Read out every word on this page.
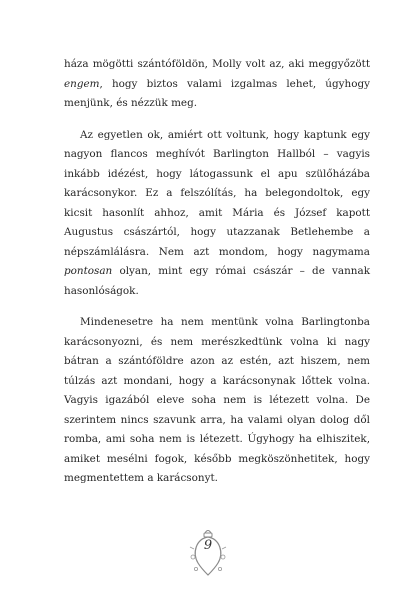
háza mögötti szántóföldön, Molly volt az, aki meggyőzött engem, hogy biztos valami izgalmas lehet, úgyhogy menjünk, és nézzük meg.

Az egyetlen ok, amiért ott voltunk, hogy kaptunk egy nagyon flancos meghívót Barlington Hallból – vagyis inkább idézést, hogy látogassunk el apu szülőházába karácsonykor. Ez a felszólítás, ha belegondoltok, egy kicsit hasonlít ahhoz, amit Mária és József kapott Augustus császártól, hogy utazzanak Betlehembe a népszámlálásra. Nem azt mondom, hogy nagymama pontosan olyan, mint egy római császár – de vannak hasonlóságok.

Mindenesetre ha nem mentünk volna Barlingtonba karácsonyozni, és nem merészkedtünk volna ki nagy bátran a szántóföldre azon az estén, azt hiszem, nem túlzás azt mondani, hogy a karácsonynak lőttek volna. Vagyis igazából eleve soha nem is létezett volna. De szerintem nincs szavunk arra, ha valami olyan dolog dől romba, ami soha nem is létezett. Úgyhogy ha elhiszitek, amiket mesélni fogok, később megköszönhetitek, hogy megmentettem a karácsonyt.

9
